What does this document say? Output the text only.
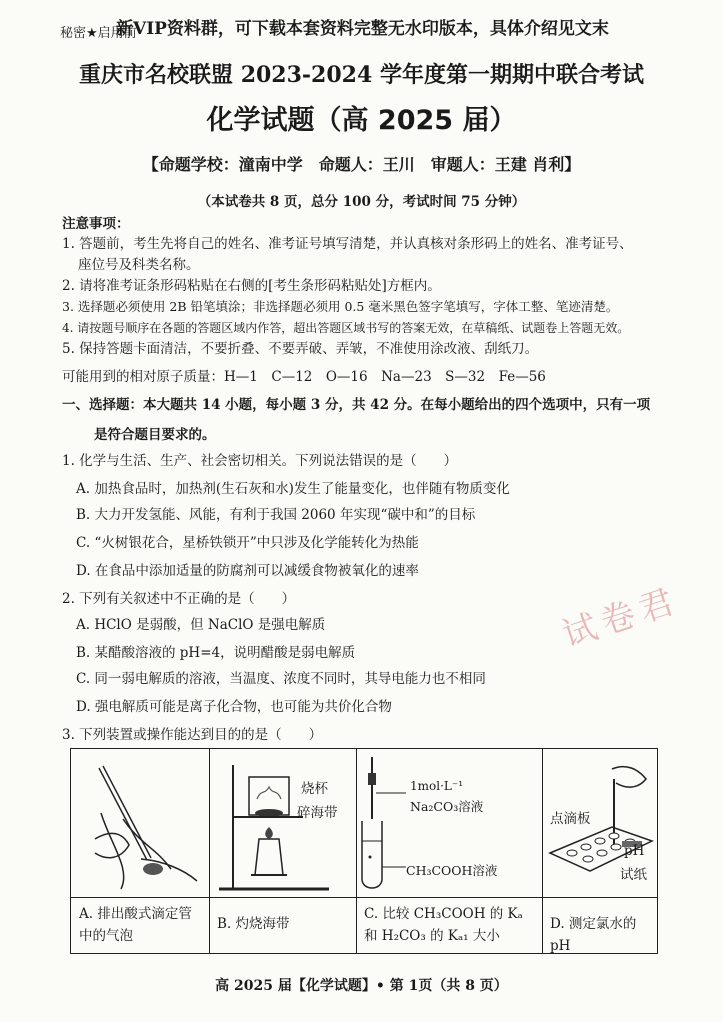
秘密★启用前
新VIP资料群，可下载本套资料完整无水印版本，具体介绍见文末
重庆市名校联盟 2023-2024 学年度第一期期中联合考试
化学试题（高 2025 届）
【命题学校：潼南中学　命题人：王川　审题人：王建 肖利】
（本试卷共 8 页，总分 100 分，考试时间 75 分钟）
注意事项：
1. 答题前，考生先将自己的姓名、准考证号填写清楚，并认真核对条形码上的姓名、准考证号、
座位号及科类名称。
2. 请将准考证条形码粘贴在右侧的[考生条形码粘贴处]方框内。
3. 选择题必须使用 2B 铅笔填涂；非选择题必须用 0.5 毫米黑色签字笔填写，字体工整、笔迹清楚。
4. 请按题号顺序在各题的答题区域内作答，超出答题区域书写的答案无效，在草稿纸、试题卷上答题无效。
5. 保持答题卡面清洁，不要折叠、不要弄破、弄皱，不准使用涂改液、刮纸刀。
可能用到的相对原子质量：H—1　C—12　O—16　Na—23　S—32　Fe—56
一、选择题：本大题共 14 小题，每小题 3 分，共 42 分。在每小题给出的四个选项中，只有一项
是符合题目要求的。
1. 化学与生活、生产、社会密切相关。下列说法错误的是（　　）
A. 加热食品时，加热剂(生石灰和水)发生了能量变化，也伴随有物质变化
B. 大力开发氢能、风能，有利于我国 2060 年实现“碳中和”的目标
C. “火树银花合，星桥铁锁开”中只涉及化学能转化为热能
D. 在食品中添加适量的防腐剂可以减缓食物被氧化的速率
试卷君
2. 下列有关叙述中不正确的是（　　）
A. HClO 是弱酸，但 NaClO 是强电解质
B. 某醋酸溶液的 pH=4，说明醋酸是弱电解质
C. 同一弱电解质的溶液，当温度、浓度不同时，其导电能力也不相同
D. 强电解质可能是离子化合物，也可能为共价化合物
3. 下列装置或操作能达到目的的是（　　）
A. 排出酸式滴定管中的气泡
烧杯
碎海带
B. 灼烧海带
1mol·L⁻¹
Na₂CO₃溶液
CH₃COOH溶液
C. 比较 CH₃COOH 的 Kₐ 和 H₂CO₃ 的 Kₐ₁ 大小
点滴板
pH
试纸
D. 测定氯水的 pH
高 2025 届【化学试题】• 第 1页（共 8 页）
